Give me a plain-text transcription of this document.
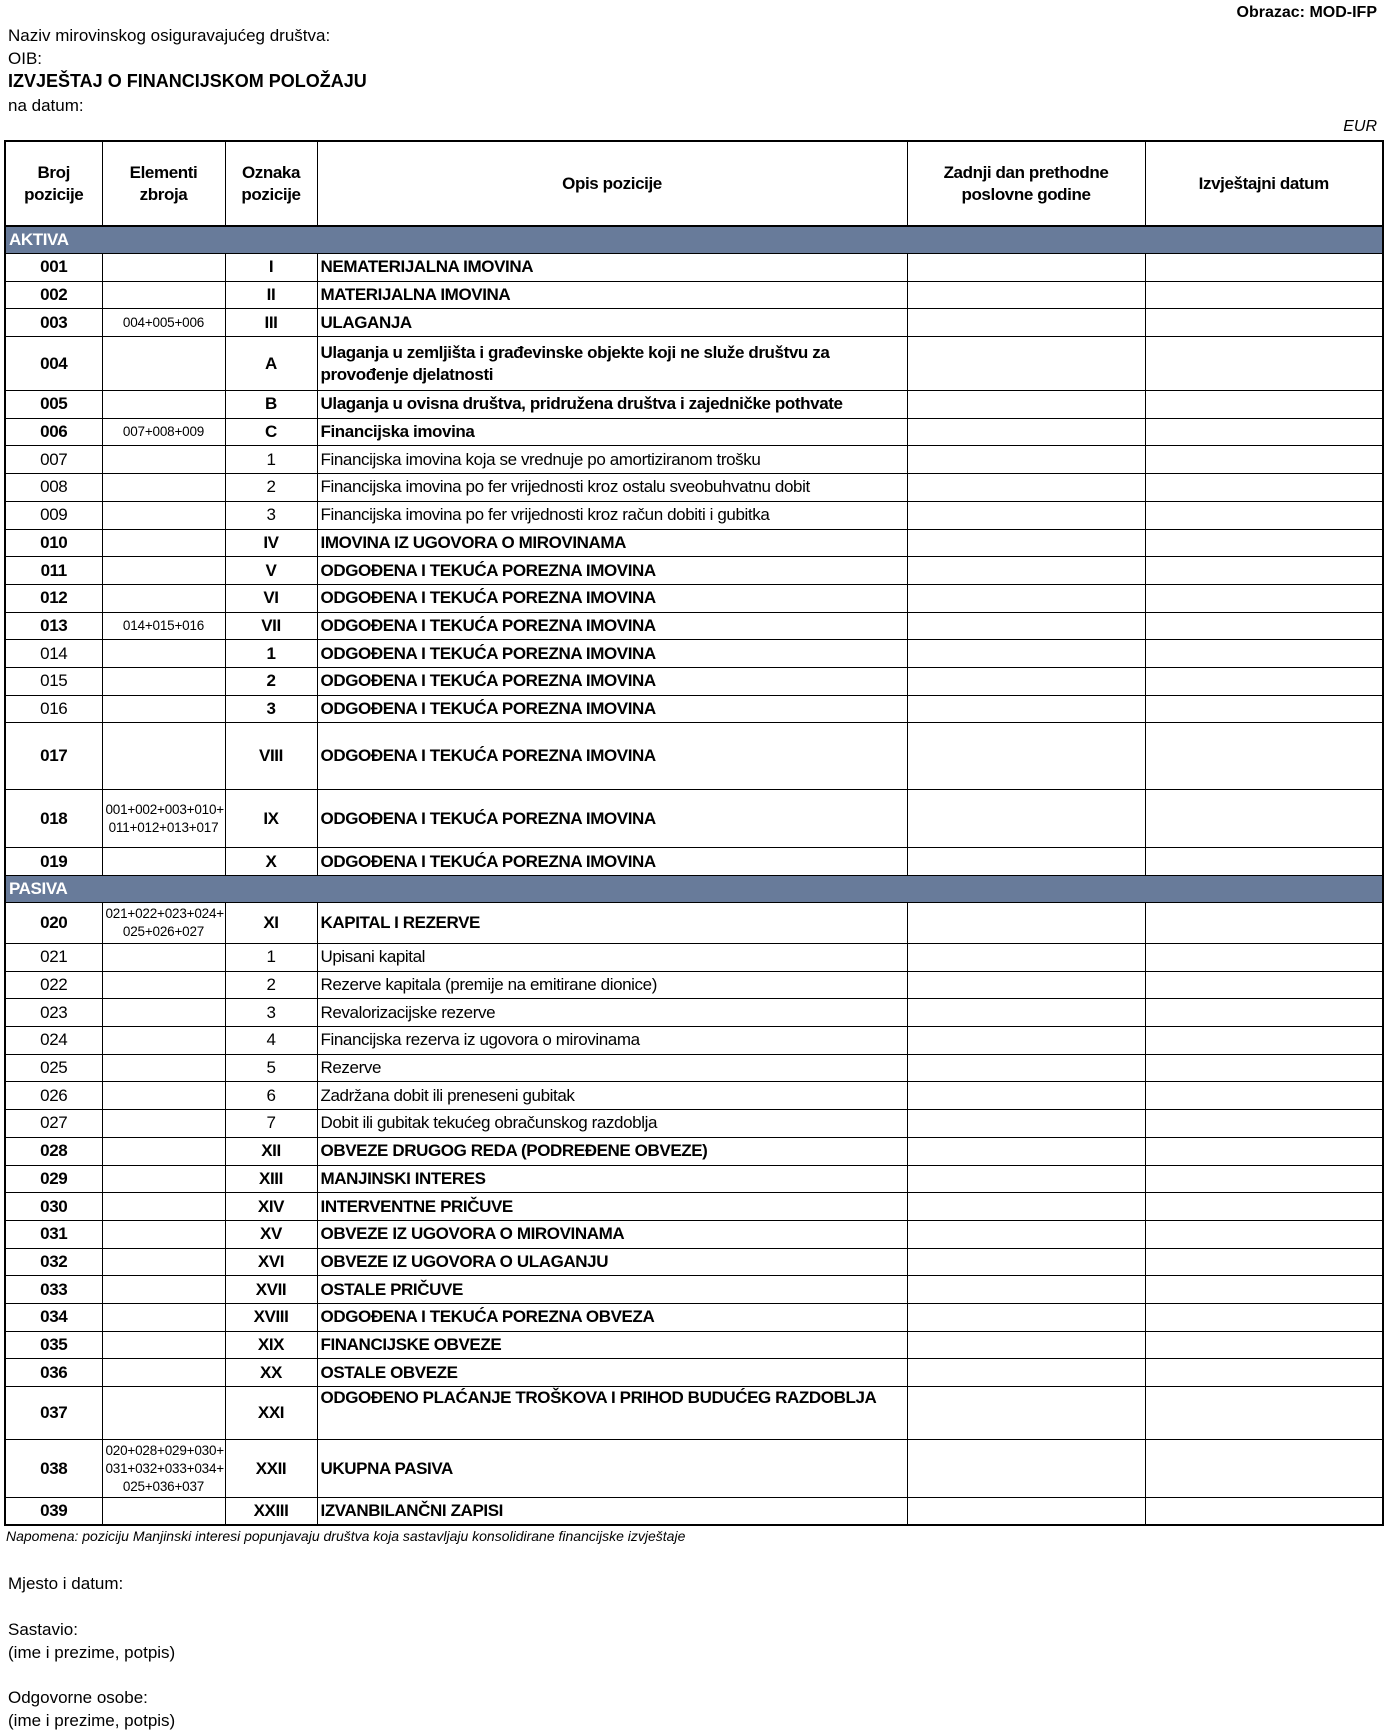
Obrazac: MOD-IFP
Naziv mirovinskog osiguravajućeg društva:
OIB:
IZVJEŠTAJ O FINANCIJSKOM POLOŽAJU
na datum:
EUR
Broj
pozicije	Elementi
zbroja	Oznaka
pozicije	Opis pozicije	Zadnji dan prethodne
poslovne godine	Izvještajni datum
AKTIVA					
001		I	NEMATERIJALNA IMOVINA		
002		II	MATERIJALNA IMOVINA		
003	004+005+006	III	ULAGANJA		
004		A	Ulaganja u zemljišta i građevinske objekte koji ne služe društvu za provođenje djelatnosti		
005		B	Ulaganja u ovisna društva, pridružena društva i zajedničke pothvate		
006	007+008+009	C	Financijska imovina		
007		1	Financijska imovina koja se vrednuje po amortiziranom trošku		
008		2	Financijska imovina po fer vrijednosti kroz ostalu sveobuhvatnu dobit		
009		3	Financijska imovina po fer vrijednosti kroz račun dobiti i gubitka		
010		IV	IMOVINA IZ UGOVORA O MIROVINAMA		
011		V	ODGOĐENA I TEKUĆA POREZNA IMOVINA		
012		VI	ODGOĐENA I TEKUĆA POREZNA IMOVINA		
013	014+015+016	VII	ODGOĐENA I TEKUĆA POREZNA IMOVINA		
014		1	ODGOĐENA I TEKUĆA POREZNA IMOVINA		
015		2	ODGOĐENA I TEKUĆA POREZNA IMOVINA		
016		3	ODGOĐENA I TEKUĆA POREZNA IMOVINA		
017		VIII	ODGOĐENA I TEKUĆA POREZNA IMOVINA		
018	001+002+003+010+
011+012+013+017	IX	ODGOĐENA I TEKUĆA POREZNA IMOVINA		
019		X	ODGOĐENA I TEKUĆA POREZNA IMOVINA		
PASIVA					
020	021+022+023+024+
025+026+027	XI	KAPITAL I REZERVE		
021		1	Upisani kapital		
022		2	Rezerve kapitala (premije na emitirane dionice)		
023		3	Revalorizacijske rezerve		
024		4	Financijska rezerva iz ugovora o mirovinama		
025		5	Rezerve		
026		6	Zadržana dobit ili preneseni gubitak		
027		7	Dobit ili gubitak tekućeg obračunskog razdoblja		
028		XII	OBVEZE DRUGOG REDA (PODREĐENE OBVEZE)		
029		XIII	MANJINSKI INTERES		
030		XIV	INTERVENTNE PRIČUVE		
031		XV	OBVEZE IZ UGOVORA O MIROVINAMA		
032		XVI	OBVEZE IZ UGOVORA O ULAGANJU		
033		XVII	OSTALE PRIČUVE		
034		XVIII	ODGOĐENA I TEKUĆA POREZNA OBVEZA		
035		XIX	FINANCIJSKE OBVEZE		
036		XX	OSTALE OBVEZE		
037		XXI	ODGOĐENO PLAĆANJE TROŠKOVA I PRIHOD BUDUĆEG RAZDOBLJA		
038	020+028+029+030+
031+032+033+034+
025+036+037	XXII	UKUPNA PASIVA		
039		XXIII	IZVANBILANČNI ZAPISI		
Napomena: poziciju Manjinski interesi popunjavaju društva koja sastavljaju konsolidirane financijske izvještaje
Mjesto i datum:
Sastavio:
(ime i prezime, potpis)
Odgovorne osobe:
(ime i prezime, potpis)
